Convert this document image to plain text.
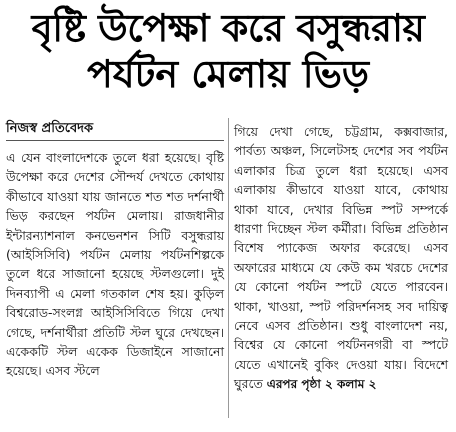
বৃষ্টি উপেক্ষা করে বসুন্ধরায়
পর্যটন মেলায় ভিড়
নিজস্ব প্রতিবেদক

এ যেন বাংলাদেশকে তুলে ধরা হয়েছে। বৃষ্টি উপেক্ষা করে দেশের সৌন্দর্য দেখতে কোথায় কীভাবে যাওয়া যায় জানতে শত শত দর্শনার্থী ভিড় করছেন পর্যটন মেলায়। রাজধানীর ইন্টারন্যাশনাল কনভেনশন সিটি বসুন্ধরায় (আইসিসিবি) পর্যটন মেলায় পর্যটনশিল্পকে তুলে ধরে সাজানো হয়েছে স্টলগুলো। দুই দিনব্যাপী এ মেলা গতকাল শেষ হয়। কুড়িল বিশ্বরোড-সংলগ্ন আইসিসিবিতে গিয়ে দেখা গেছে, দর্শনার্থীরা প্রতিটি স্টল ঘুরে দেখছেন। একেকটি স্টল একেক ডিজাইনে সাজানো হয়েছে। এসব স্টলে

গিয়ে দেখা গেছে, চট্টগ্রাম, কক্সবাজার, পার্বত্য অঞ্চল, সিলেটসহ দেশের সব পর্যটন এলাকার চিত্র তুলে ধরা হয়েছে। এসব এলাকায় কীভাবে যাওয়া যাবে, কোথায় থাকা যাবে, দেখার বিভিন্ন স্পট সম্পর্কে ধারণা দিচ্ছেন স্টল কর্মীরা। বিভিন্ন প্রতিষ্ঠান বিশেষ প্যাকেজ অফার করেছে। এসব অফারের মাধ্যমে যে কেউ কম খরচে দেশের যে কোনো পর্যটন স্পটে যেতে পারবেন। থাকা, খাওয়া, স্পট পরিদর্শনসহ সব দায়িত্ব নেবে এসব প্রতিষ্ঠান। শুধু বাংলাদেশ নয়, বিশ্বের যে কোনো পর্যটননগরী বা স্পটে যেতে এখানেই বুকিং দেওয়া যায়। বিদেশে ঘুরতে এরপর পৃষ্ঠা ২ কলাম ২
